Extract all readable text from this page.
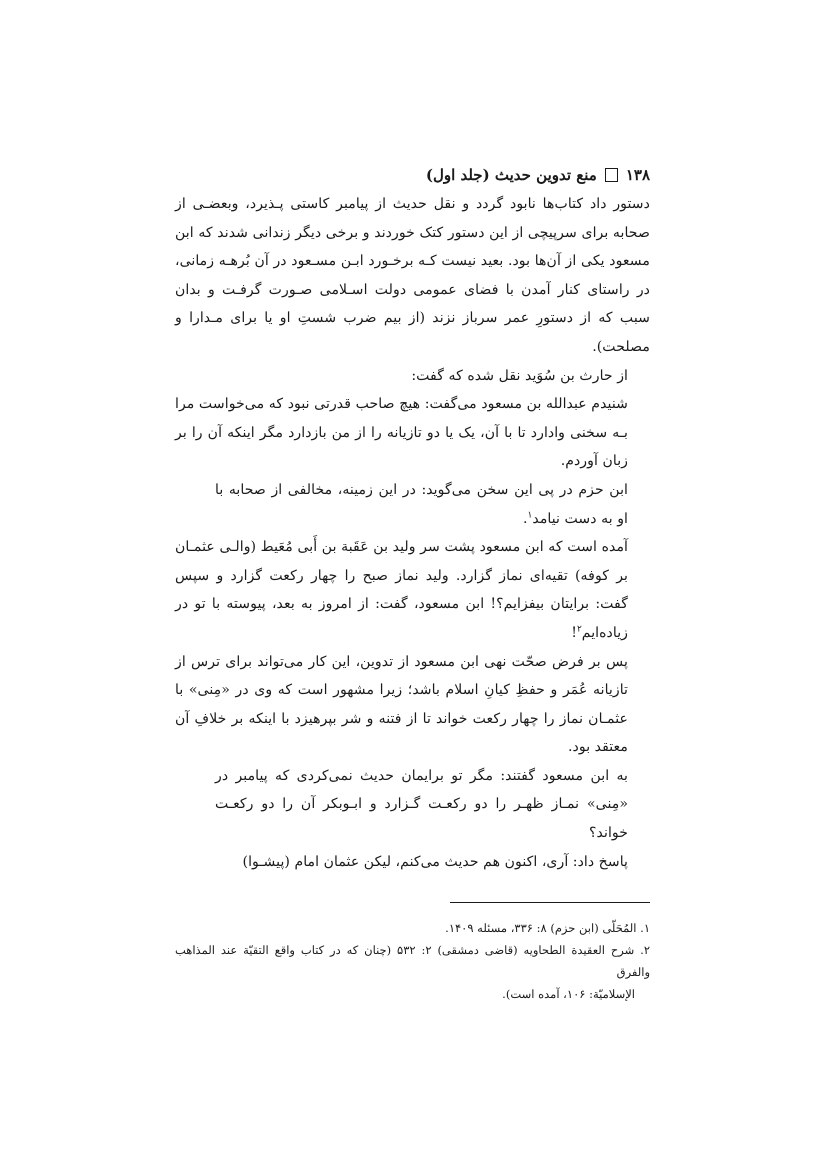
۱۳۸
منع تدوین حدیث (جلد اول)

دستور داد کتاب‌ها نابود گردد و نقل حدیث از پیامبر کاستی پـذیرد، وبعضـی از صحابه برای سرپیچی از این دستور کتک خوردند و برخی دیگر زندانی شدند که ابن مسعود یکی از آن‌ها بود. بعید نیست کـه برخـورد ابـن مسـعود در آن بُرهـه زمانی، در راستای کنار آمدن با فضای عمومی دولت اسـلامی صـورت گرفـت و بدان سبب که از دستورِ عمر سرباز نزند (از بیم ضرب شستِ او یا برای مـدارا و مصلحت).

از حارث بن سُوَید نقل شده که گفت:

شنیدم عبدالله بن مسعود می‌گفت: هیچ صاحب قدرتی نبود که می‌خواست مرا بـه سخنی وادارد تا با آن، یک یا دو تازیانه را از من بازدارد مگر اینکه آن را بر زبان آوردم.

ابن حزم در پی این سخن می‌گوید: در این زمینه، مخالفی از صحابه با او به دست نیامد$^۱$.

آمده است که ابن مسعود پشت سر ولید بن عَقَبة بن أَبی مُعَیط (والـی عثمـان بر کوفه) تقیه‌ای نماز گزارد. ولید نماز صبح را چهار رکعت گزارد و سپس گفت: برایتان بیفزایم؟! ابن مسعود، گفت: از امروز به بعد، پیوسته با تو در زیاده‌ایم$^۲$!

پس بر فرض صحّت نهی ابن مسعود از تدوین، این کار می‌تواند برای ترس از تازیانه عُمَر و حفظِ کیانِ اسلام باشد؛ زیرا مشهور است که وی در «مِنی» با عثمـان نماز را چهار رکعت خواند تا از فتنه و شر بپرهیزد با اینکه بر خلافِ آن معتقد بود.

به ابن مسعود گفتند: مگر تو برایمان حدیث نمی‌کردی که پیامبر در «مِنی» نمـاز ظهـر را دو رکعـت گـزارد و ابـوبکر آن را دو رکعـت خواند؟

پاسخ داد: آری، اکنون هم حدیث می‌کنم، لیکن عثمان امام (پیشـوا)

۱. المُحَلّی (ابن حزم) ۸: ۳۳۶، مسئله ۱۴۰۹.

۲. شرح العقیدة الطحاویه (قاضی دمشقی) ۲: ۵۳۲ (چنان که در کتاب واقع التقیّة عند المذاهب والفرق
الإسلامیّة: ۱۰۶، آمده است).
